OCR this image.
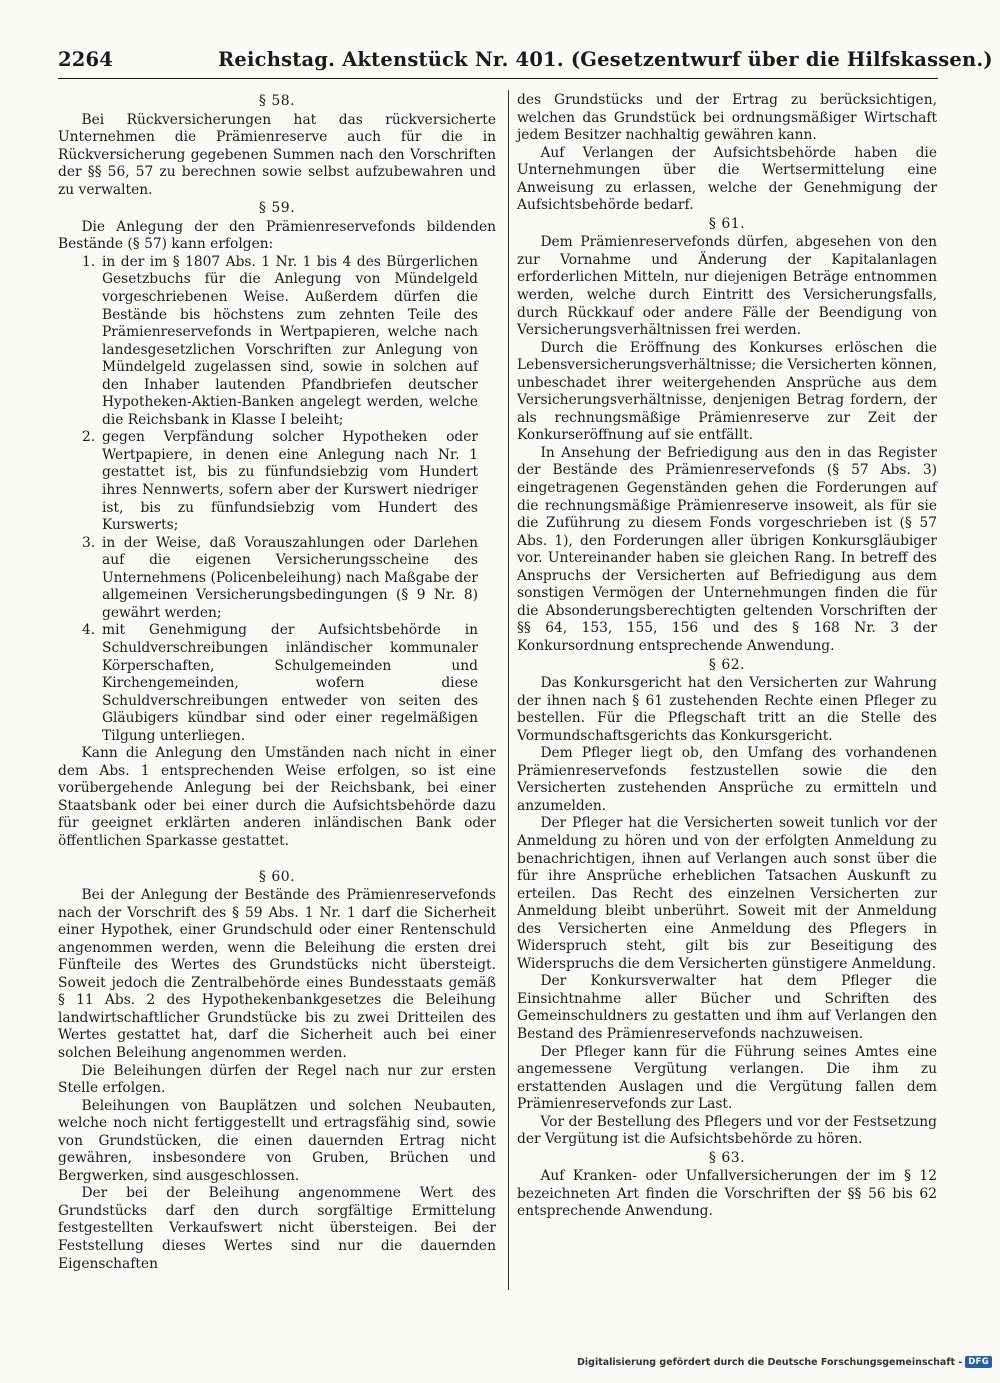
2264	Reichstag. Aktenstück Nr. 401. (Gesetzentwurf über die Hilfskassen.)
§ 58.

Bei Rückversicherungen hat das rückversicherte Unternehmen die Prämienreserve auch für die in Rückversicherung gegebenen Summen nach den Vorschriften der §§ 56, 57 zu berechnen sowie selbst aufzubewahren und zu verwalten.

§ 59.

Die Anlegung der den Prämienreservefonds bildenden Bestände (§ 57) kann erfolgen:

1. in der im § 1807 Abs. 1 Nr. 1 bis 4 des Bürgerlichen Gesetzbuchs für die Anlegung von Mündelgeld vorgeschriebenen Weise. Außerdem dürfen die Bestände bis höchstens zum zehnten Teile des Prämienreservefonds in Wertpapieren, welche nach landesgesetzlichen Vorschriften zur Anlegung von Mündelgeld zugelassen sind, sowie in solchen auf den Inhaber lautenden Pfandbriefen deutscher Hypotheken-Aktien-Banken angelegt werden, welche die Reichsbank in Klasse I beleiht;
2. gegen Verpfändung solcher Hypotheken oder Wertpapiere, in denen eine Anlegung nach Nr. 1 gestattet ist, bis zu fünfundsiebzig vom Hundert ihres Nennwerts, sofern aber der Kurswert niedriger ist, bis zu fünfundsiebzig vom Hundert des Kurswerts;
3. in der Weise, daß Vorauszahlungen oder Darlehen auf die eigenen Versicherungsscheine des Unternehmens (Policenbeleihung) nach Maßgabe der allgemeinen Versicherungsbedingungen (§ 9 Nr. 8) gewährt werden;
4. mit Genehmigung der Aufsichtsbehörde in Schuldverschreibungen inländischer kommunaler Körperschaften, Schulgemeinden und Kirchengemeinden, wofern diese Schuldverschreibungen entweder von seiten des Gläubigers kündbar sind oder einer regelmäßigen Tilgung unterliegen.

Kann die Anlegung den Umständen nach nicht in einer dem Abs. 1 entsprechenden Weise erfolgen, so ist eine vorübergehende Anlegung bei der Reichsbank, bei einer Staatsbank oder bei einer durch die Aufsichtsbehörde dazu für geeignet erklärten anderen inländischen Bank oder öffentlichen Sparkasse gestattet.

§ 60.

Bei der Anlegung der Bestände des Prämienreservefonds nach der Vorschrift des § 59 Abs. 1 Nr. 1 darf die Sicherheit einer Hypothek, einer Grundschuld oder einer Rentenschuld angenommen werden, wenn die Beleihung die ersten drei Fünfteile des Wertes des Grundstücks nicht übersteigt. Soweit jedoch die Zentralbehörde eines Bundesstaats gemäß § 11 Abs. 2 des Hypothekenbankgesetzes die Beleihung landwirtschaftlicher Grundstücke bis zu zwei Dritteilen des Wertes gestattet hat, darf die Sicherheit auch bei einer solchen Beleihung angenommen werden.

Die Beleihungen dürfen der Regel nach nur zur ersten Stelle erfolgen.

Beleihungen von Bauplätzen und solchen Neubauten, welche noch nicht fertiggestellt und ertragsfähig sind, sowie von Grundstücken, die einen dauernden Ertrag nicht gewähren, insbesondere von Gruben, Brüchen und Bergwerken, sind ausgeschlossen.

Der bei der Beleihung angenommene Wert des Grundstücks darf den durch sorgfältige Ermittelung festgestellten Verkaufswert nicht übersteigen. Bei der Feststellung dieses Wertes sind nur die dauernden Eigenschaften

des Grundstücks und der Ertrag zu berücksichtigen, welchen das Grundstück bei ordnungsmäßiger Wirtschaft jedem Besitzer nachhaltig gewähren kann.

Auf Verlangen der Aufsichtsbehörde haben die Unternehmungen über die Wertsermittelung eine Anweisung zu erlassen, welche der Genehmigung der Aufsichtsbehörde bedarf.

§ 61.

Dem Prämienreservefonds dürfen, abgesehen von den zur Vornahme und Änderung der Kapitalanlagen erforderlichen Mitteln, nur diejenigen Beträge entnommen werden, welche durch Eintritt des Versicherungsfalls, durch Rückkauf oder andere Fälle der Beendigung von Versicherungsverhältnissen frei werden.

Durch die Eröffnung des Konkurses erlöschen die Lebensversicherungsverhältnisse; die Versicherten können, unbeschadet ihrer weitergehenden Ansprüche aus dem Versicherungsverhältnisse, denjenigen Betrag fordern, der als rechnungsmäßige Prämienreserve zur Zeit der Konkurseröffnung auf sie entfällt.

In Ansehung der Befriedigung aus den in das Register der Bestände des Prämienreservefonds (§ 57 Abs. 3) eingetragenen Gegenständen gehen die Forderungen auf die rechnungsmäßige Prämienreserve insoweit, als für sie die Zuführung zu diesem Fonds vorgeschrieben ist (§ 57 Abs. 1), den Forderungen aller übrigen Konkursgläubiger vor. Untereinander haben sie gleichen Rang. In betreff des Anspruchs der Versicherten auf Befriedigung aus dem sonstigen Vermögen der Unternehmungen finden die für die Absonderungsberechtigten geltenden Vorschriften der §§ 64, 153, 155, 156 und des § 168 Nr. 3 der Konkursordnung entsprechende Anwendung.

§ 62.

Das Konkursgericht hat den Versicherten zur Wahrung der ihnen nach § 61 zustehenden Rechte einen Pfleger zu bestellen. Für die Pflegschaft tritt an die Stelle des Vormundschaftsgerichts das Konkursgericht.

Dem Pfleger liegt ob, den Umfang des vorhandenen Prämienreservefonds festzustellen sowie die den Versicherten zustehenden Ansprüche zu ermitteln und anzumelden.

Der Pfleger hat die Versicherten soweit tunlich vor der Anmeldung zu hören und von der erfolgten Anmeldung zu benachrichtigen, ihnen auf Verlangen auch sonst über die für ihre Ansprüche erheblichen Tatsachen Auskunft zu erteilen. Das Recht des einzelnen Versicherten zur Anmeldung bleibt unberührt. Soweit mit der Anmeldung des Versicherten eine Anmeldung des Pflegers in Widerspruch steht, gilt bis zur Beseitigung des Widerspruchs die dem Versicherten günstigere Anmeldung.

Der Konkursverwalter hat dem Pfleger die Einsichtnahme aller Bücher und Schriften des Gemeinschuldners zu gestatten und ihm auf Verlangen den Bestand des Prämienreservefonds nachzuweisen.

Der Pfleger kann für die Führung seines Amtes eine angemessene Vergütung verlangen. Die ihm zu erstattenden Auslagen und die Vergütung fallen dem Prämienreservefonds zur Last.

Vor der Bestellung des Pflegers und vor der Festsetzung der Vergütung ist die Aufsichtsbehörde zu hören.

§ 63.

Auf Kranken- oder Unfallversicherungen der im § 12 bezeichneten Art finden die Vorschriften der §§ 56 bis 62 entsprechende Anwendung.

Digitalisierung gefördert durch die Deutsche Forschungsgemeinschaft - DFG
